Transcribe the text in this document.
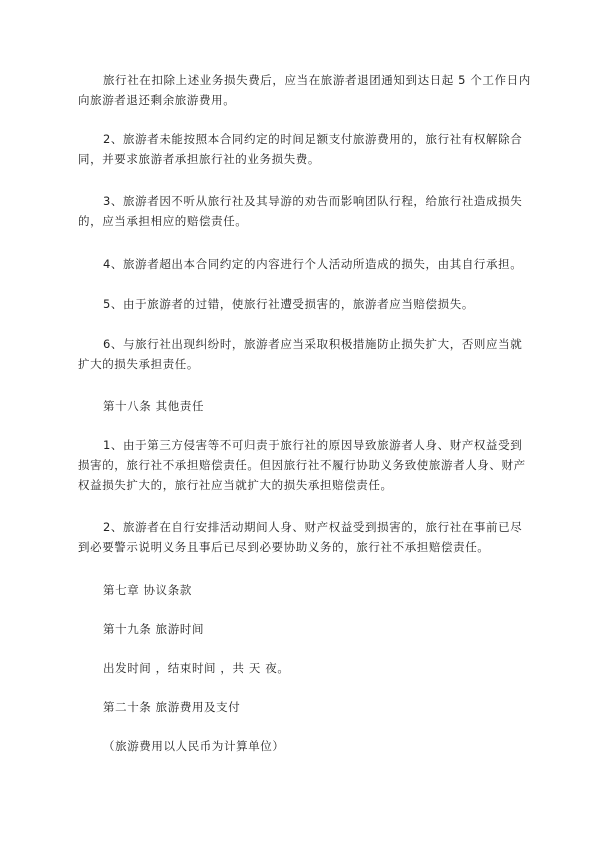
旅行社在扣除上述业务损失费后，应当在旅游者退团通知到达日起 5 个工作日内
向旅游者退还剩余旅游费用。
2、旅游者未能按照本合同约定的时间足额支付旅游费用的，旅行社有权解除合
同，并要求旅游者承担旅行社的业务损失费。
3、旅游者因不听从旅行社及其导游的劝告而影响团队行程，给旅行社造成损失
的，应当承担相应的赔偿责任。
4、旅游者超出本合同约定的内容进行个人活动所造成的损失，由其自行承担。
5、由于旅游者的过错，使旅行社遭受损害的，旅游者应当赔偿损失。
6、与旅行社出现纠纷时，旅游者应当采取积极措施防止损失扩大，否则应当就
扩大的损失承担责任。
第十八条 其他责任
1、由于第三方侵害等不可归责于旅行社的原因导致旅游者人身、财产权益受到
损害的，旅行社不承担赔偿责任。但因旅行社不履行协助义务致使旅游者人身、财产
权益损失扩大的，旅行社应当就扩大的损失承担赔偿责任。
2、旅游者在自行安排活动期间人身、财产权益受到损害的，旅行社在事前已尽
到必要警示说明义务且事后已尽到必要协助义务的，旅行社不承担赔偿责任。
第七章 协议条款
第十九条 旅游时间
出发时间 ，结束时间 ，共 天 夜。
第二十条 旅游费用及支付
（旅游费用以人民币为计算单位）
